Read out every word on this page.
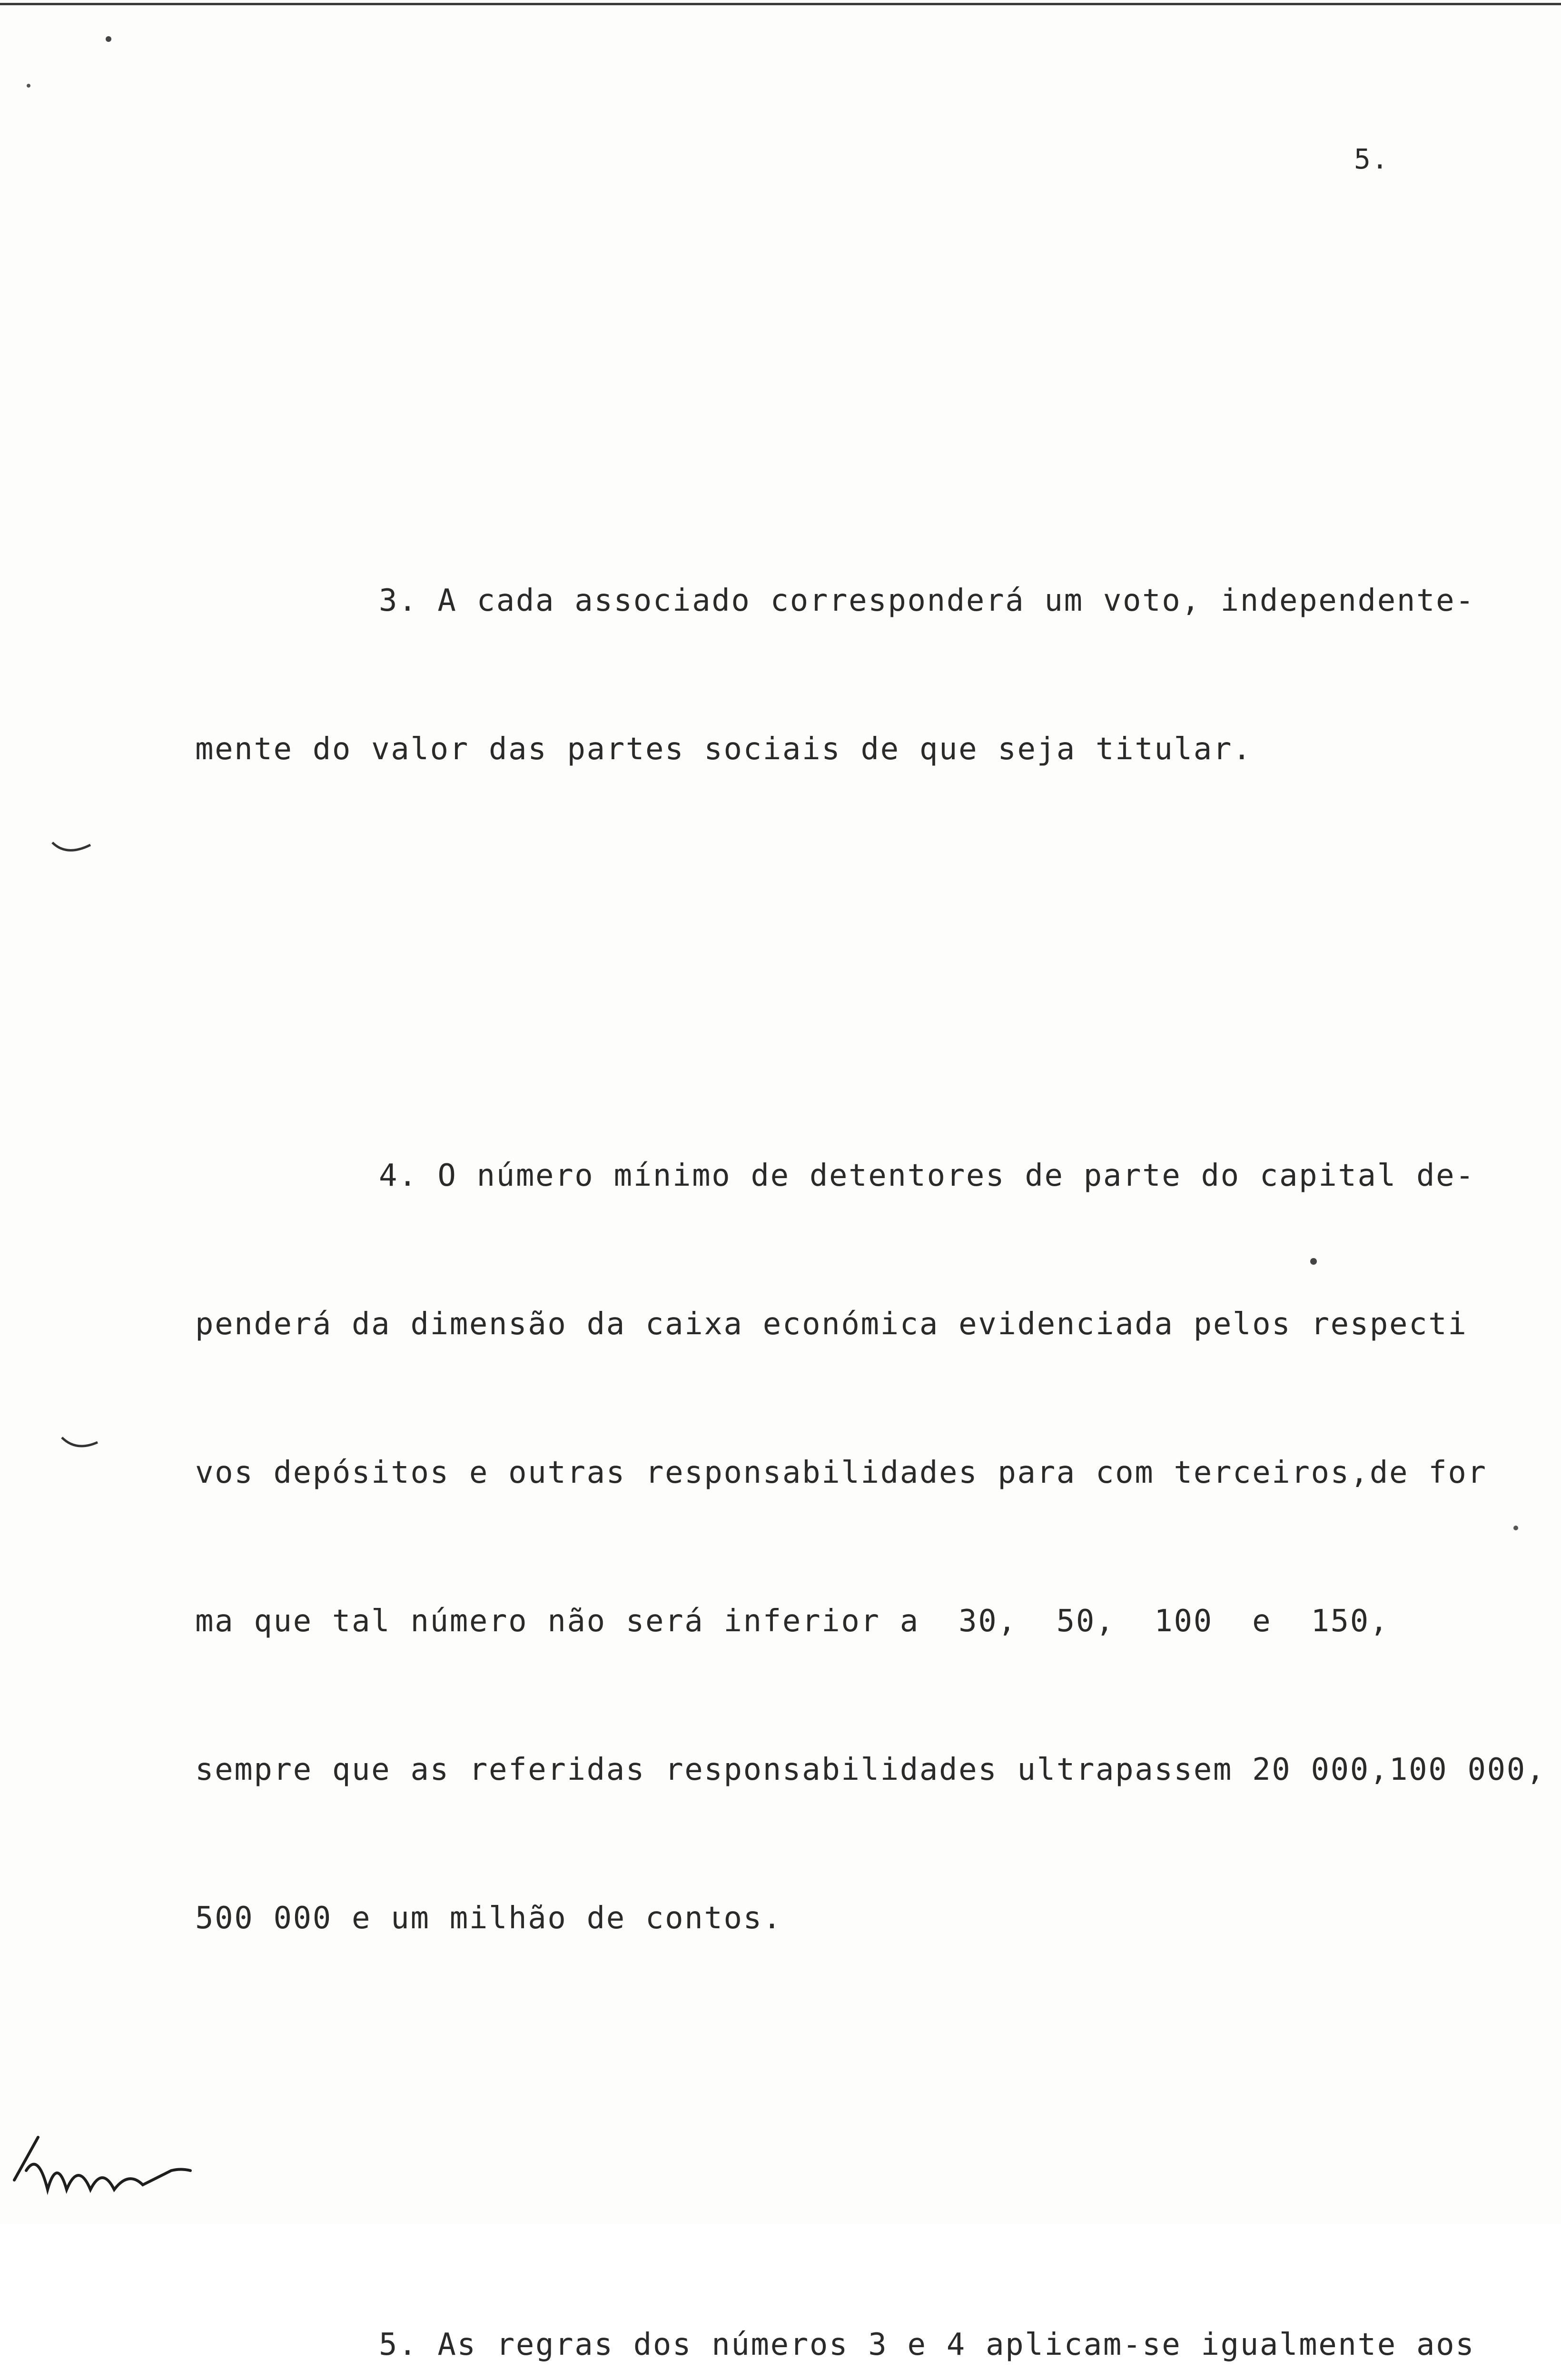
5.

3. A cada associado corresponderá um voto, independente-

mente do valor das partes sociais de que seja titular.

4. O número mínimo de detentores de parte do capital de-

penderá da dimensão da caixa económica evidenciada pelos respecti

vos depósitos e outras responsabilidades para com terceiros,de for

ma que tal número não será inferior a  30,  50,  100  e  150,

sempre que as referidas responsabilidades ultrapassem 20 000,100 000,

500 000 e um milhão de contos.

5. As regras dos números 3 e 4 aplicam-se igualmente aos
